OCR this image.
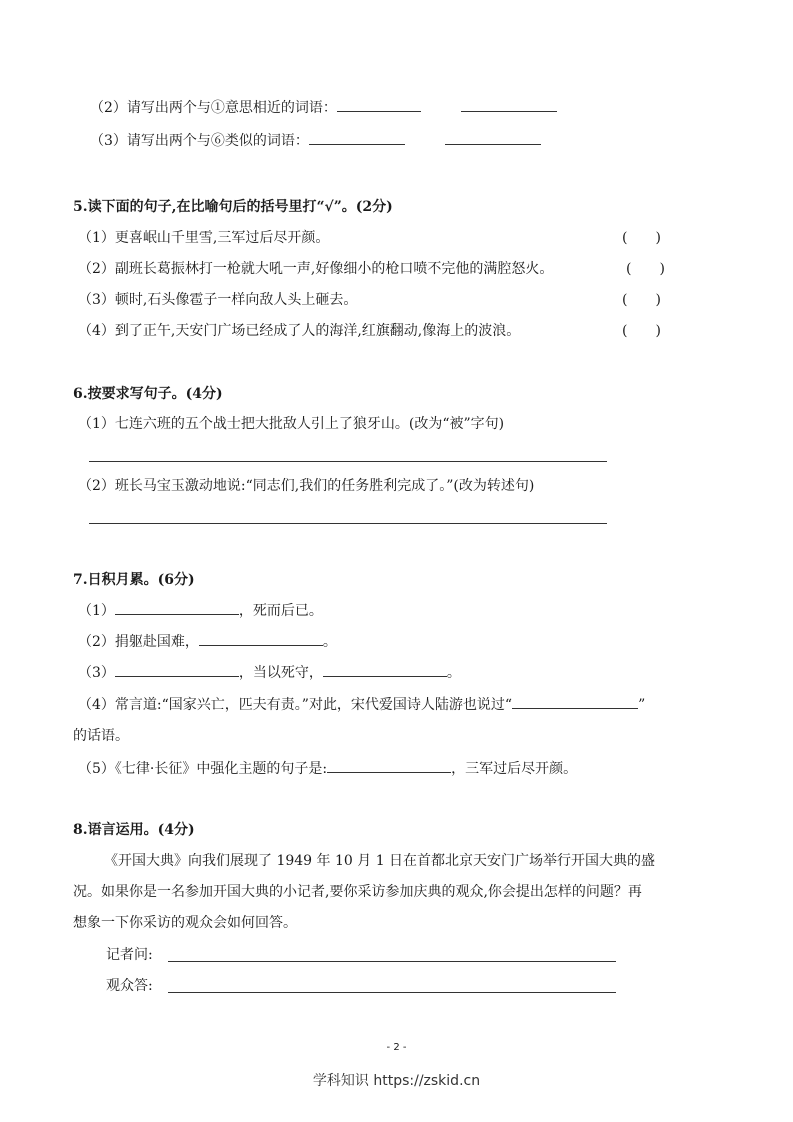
（2）请写出两个与①意思相近的词语：
（3）请写出两个与⑥类似的词语：
5.读下面的句子,在比喻句后的括号里打“√”。(2分)
（1）更喜岷山千里雪,三军过后尽开颜。	(　　)
（2）副班长葛振林打一枪就大吼一声,好像细小的枪口喷不完他的满腔怒火。	(　　)
（3）顿时,石头像雹子一样向敌人头上砸去。	(　　)
（4）到了正午,天安门广场已经成了人的海洋,红旗翻动,像海上的波浪。	(　　)
6.按要求写句子。(4分)
（1）七连六班的五个战士把大批敌人引上了狼牙山。(改为“被”字句)
（2）班长马宝玉激动地说:“同志们,我们的任务胜利完成了。”(改为转述句)
7.日积月累。(6分)
（1）	，死而后已。
（2）捐躯赴国难，	。
（3）	，当以死守，	。
（4）常言道:“国家兴亡，匹夫有责。”对此，宋代爱国诗人陆游也说过“	”
的话语。
（5）《七律·长征》中强化主题的句子是:	，三军过后尽开颜。
8.语言运用。(4分)
《开国大典》向我们展现了 1949 年 10 月 1 日在首都北京天安门广场举行开国大典的盛
况。如果你是一名参加开国大典的小记者,要你采访参加庆典的观众,你会提出怎样的问题？再
想象一下你采访的观众会如何回答。
记者问:
观众答:
- 2 -
学科知识 https://zskid.cn
